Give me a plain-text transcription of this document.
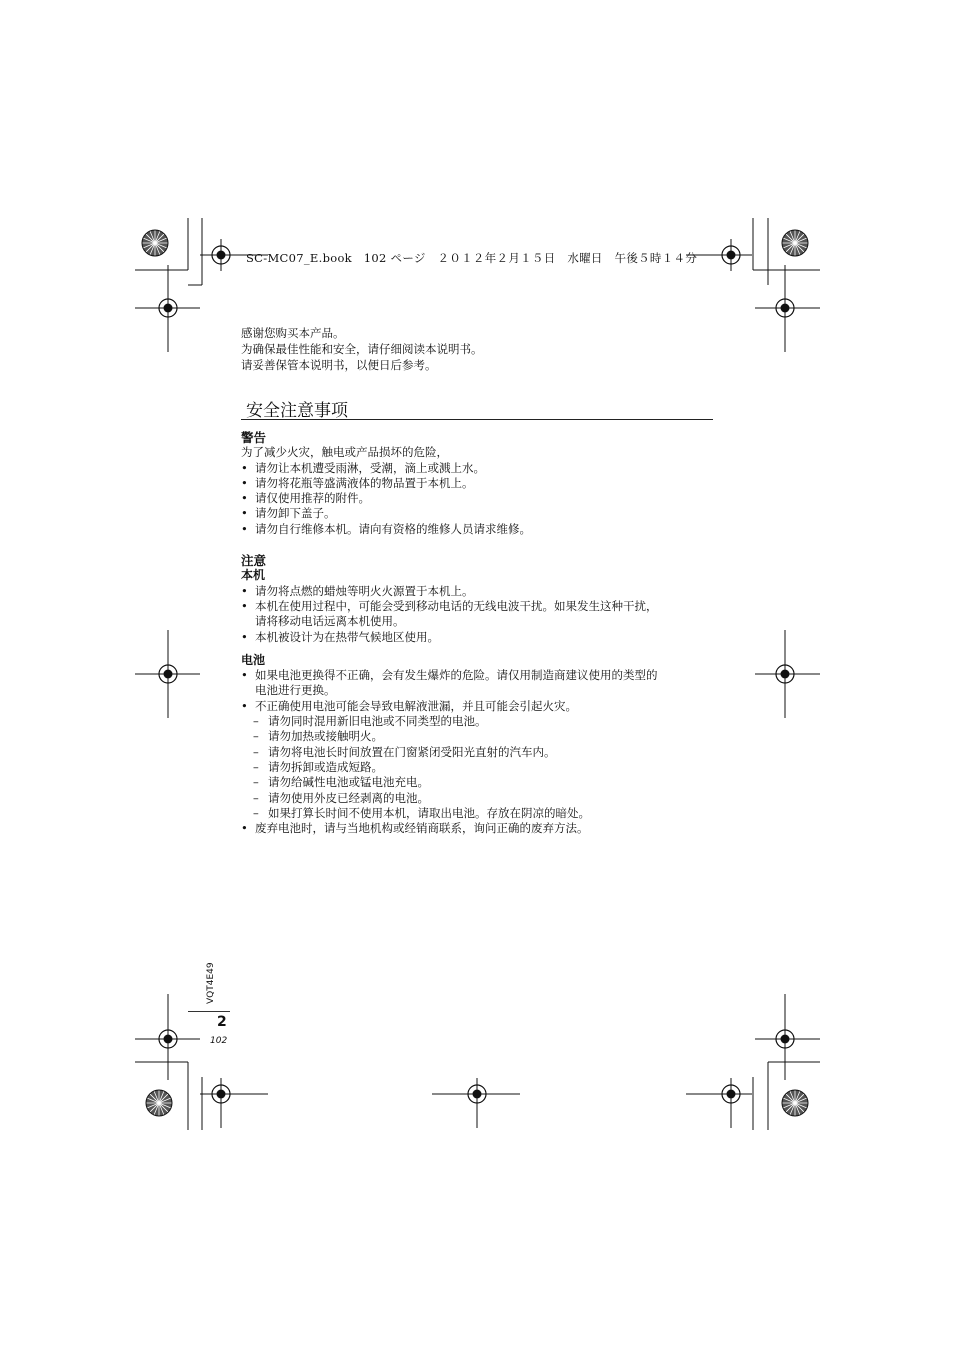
SC-MC07_E.book　102 ページ　２０１２年２月１５日　水曜日　午後５時１４分
感谢您购买本产品。
为确保最佳性能和安全，请仔细阅读本说明书。
请妥善保管本说明书，以便日后参考。
安全注意事项
警告
为了减少火灾，触电或产品损坏的危险，
• 请勿让本机遭受雨淋，受潮，滴上或溅上水。
• 请勿将花瓶等盛满液体的物品置于本机上。
• 请仅使用推荐的附件。
• 请勿卸下盖子。
• 请勿自行维修本机。请向有资格的维修人员请求维修。
注意
本机
• 请勿将点燃的蜡烛等明火火源置于本机上。
• 本机在使用过程中，可能会受到移动电话的无线电波干扰。如果发生这种干扰，
请将移动电话远离本机使用。
• 本机被设计为在热带气候地区使用。
电池
• 如果电池更换得不正确，会有发生爆炸的危险。请仅用制造商建议使用的类型的
电池进行更换。
• 不正确使用电池可能会导致电解液泄漏，并且可能会引起火灾。
– 请勿同时混用新旧电池或不同类型的电池。
– 请勿加热或接触明火。
– 请勿将电池长时间放置在门窗紧闭受阳光直射的汽车内。
– 请勿拆卸或造成短路。
– 请勿给碱性电池或锰电池充电。
– 请勿使用外皮已经剥离的电池。
– 如果打算长时间不使用本机，请取出电池。存放在阴凉的暗处。
• 废弃电池时，请与当地机构或经销商联系，询问正确的废弃方法。
VQT4E49
2
102
